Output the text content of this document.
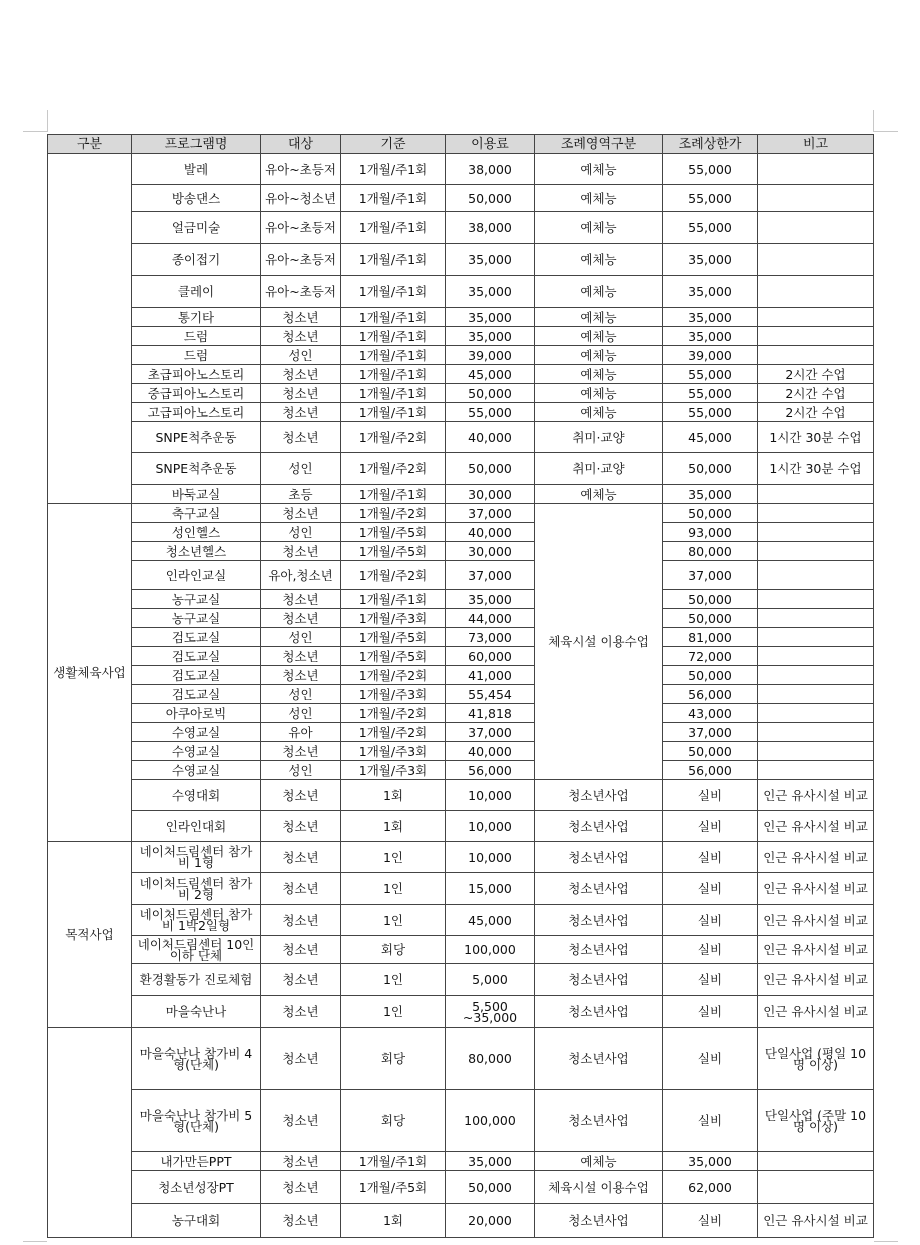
구분	프로그램명	대상	기준	이용료	조례영역구분	조례상한가	비고
	발레	유아~초등저	1개월/주1회	38,000	예체능	55,000	
	방송댄스	유아~청소년	1개월/주1회	50,000	예체능	55,000	
	얼금미술	유아~초등저	1개월/주1회	38,000	예체능	55,000	
	종이접기	유아~초등저	1개월/주1회	35,000	예체능	35,000	
	클레이	유아~초등저	1개월/주1회	35,000	예체능	35,000	
	통기타	청소년	1개월/주1회	35,000	예체능	35,000	
	드럼	청소년	1개월/주1회	35,000	예체능	35,000	
	드럼	성인	1개월/주1회	39,000	예체능	39,000	
	초급피아노스토리	청소년	1개월/주1회	45,000	예체능	55,000	2시간 수업
	중급피아노스토리	청소년	1개월/주1회	50,000	예체능	55,000	2시간 수업
	고급피아노스토리	청소년	1개월/주1회	55,000	예체능	55,000	2시간 수업
	SNPE척추운동	청소년	1개월/주2회	40,000	취미·교양	45,000	1시간 30분 수업
	SNPE척추운동	성인	1개월/주2회	50,000	취미·교양	50,000	1시간 30분 수업
	바둑교실	초등	1개월/주1회	30,000	예체능	35,000	
생활체육사업	축구교실	청소년	1개월/주2회	37,000	체육시설 이용수업	50,000	
	성인헬스	성인	1개월/주5회	40,000		93,000	
	청소년헬스	청소년	1개월/주5회	30,000		80,000	
	인라인교실	유아,청소년	1개월/주2회	37,000		37,000	
	농구교실	청소년	1개월/주1회	35,000		50,000	
	농구교실	청소년	1개월/주3회	44,000		50,000	
	검도교실	성인	1개월/주5회	73,000		81,000	
	검도교실	청소년	1개월/주5회	60,000		72,000	
	검도교실	청소년	1개월/주2회	41,000		50,000	
	검도교실	성인	1개월/주3회	55,454		56,000	
	아쿠아로빅	성인	1개월/주2회	41,818		43,000	
	수영교실	유아	1개월/주2회	37,000		37,000	
	수영교실	청소년	1개월/주3회	40,000		50,000	
	수영교실	성인	1개월/주3회	56,000		56,000	
	수영대회	청소년	1회	10,000	청소년사업	실비	인근 유사시설 비교
	인라인대회	청소년	1회	10,000	청소년사업	실비	인근 유사시설 비교
목적사업	네이처드림센터 참가비 1형	청소년	1인	10,000	청소년사업	실비	인근 유사시설 비교
	네이처드림센터 참가비 2형	청소년	1인	15,000	청소년사업	실비	인근 유사시설 비교
	네이처드림센터 참가비 1박2일형	청소년	1인	45,000	청소년사업	실비	인근 유사시설 비교
	네이처드림센터 10인 이하 단체	청소년	회당	100,000	청소년사업	실비	인근 유사시설 비교
	환경활동가 진로체험	청소년	1인	5,000	청소년사업	실비	인근 유사시설 비교
	마을숙난나	청소년	1인	5,500 ~35,000	청소년사업	실비	인근 유사시설 비교
	마을숙난나 참가비 4형(단체)	청소년	회당	80,000	청소년사업	실비	단일사업 (평일 10명 이상)
	마을숙난나 참가비 5형(단체)	청소년	회당	100,000	청소년사업	실비	단일사업 (주말 10명 이상)
	내가만든PPT	청소년	1개월/주1회	35,000	예체능	35,000	
	청소년성장PT	청소년	1개월/주5회	50,000	체육시설 이용수업	62,000	
	농구대회	청소년	1회	20,000	청소년사업	실비	인근 유사시설 비교
